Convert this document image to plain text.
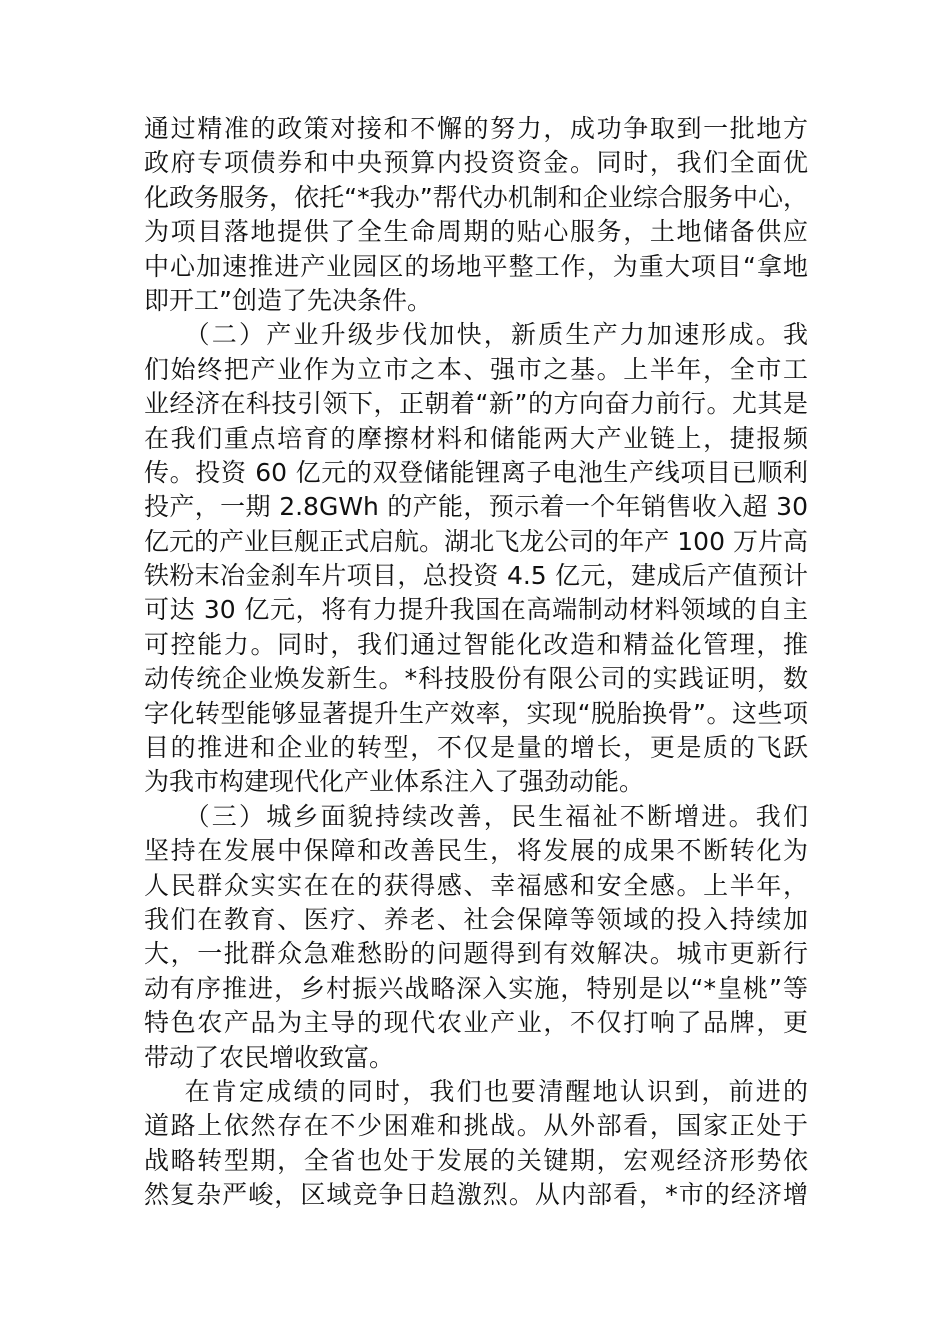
通过精准的政策对接和不懈的努力，成功争取到一批地方
政府专项债券和中央预算内投资资金。同时，我们全面优
化政务服务，依托“*我办”帮代办机制和企业综合服务中心，
为项目落地提供了全生命周期的贴心服务，土地储备供应
中心加速推进产业园区的场地平整工作，为重大项目“拿地
即开工”创造了先决条件。
（二）产业升级步伐加快，新质生产力加速形成。我
们始终把产业作为立市之本、强市之基。上半年，全市工
业经济在科技引领下，正朝着“新”的方向奋力前行。尤其是
在我们重点培育的摩擦材料和储能两大产业链上，捷报频
传。投资 60 亿元的双登储能锂离子电池生产线项目已顺利
投产，一期 2.8GWh 的产能，预示着一个年销售收入超 30
亿元的产业巨舰正式启航。湖北飞龙公司的年产 100 万片高
铁粉末冶金刹车片项目，总投资 4.5 亿元，建成后产值预计
可达 30 亿元，将有力提升我国在高端制动材料领域的自主
可控能力。同时，我们通过智能化改造和精益化管理，推
动传统企业焕发新生。*科技股份有限公司的实践证明，数
字化转型能够显著提升生产效率，实现“脱胎换骨”。这些项
目的推进和企业的转型，不仅是量的增长，更是质的飞跃
为我市构建现代化产业体系注入了强劲动能。
（三）城乡面貌持续改善，民生福祉不断增进。我们
坚持在发展中保障和改善民生，将发展的成果不断转化为
人民群众实实在在的获得感、幸福感和安全感。上半年，
我们在教育、医疗、养老、社会保障等领域的投入持续加
大，一批群众急难愁盼的问题得到有效解决。城市更新行
动有序推进，乡村振兴战略深入实施，特别是以“*皇桃”等
特色农产品为主导的现代农业产业，不仅打响了品牌，更
带动了农民增收致富。
在肯定成绩的同时，我们也要清醒地认识到，前进的
道路上依然存在不少困难和挑战。从外部看，国家正处于
战略转型期，全省也处于发展的关键期，宏观经济形势依
然复杂严峻，区域竞争日趋激烈。从内部看，*市的经济增
